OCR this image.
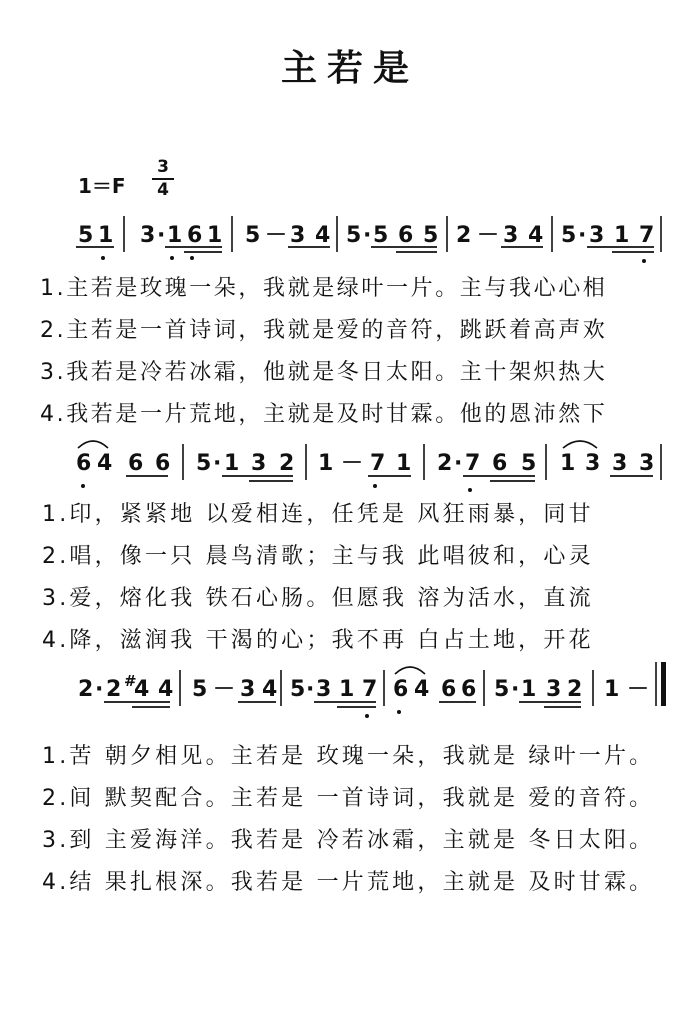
主若是
1＝F
3
4
5 1 3 · 1 6 1 5 － 3 4 5 · 5 6 5 2 － 3 4 5 · 3 1 7
1.主若是玫瑰一朵，我就是绿叶一片。主与我心心相
2.主若是一首诗词，我就是爱的音符，跳跃着高声欢
3.我若是冷若冰霜，他就是冬日太阳。主十架炽热大
4.我若是一片荒地，主就是及时甘霖。他的恩沛然下
6 4 6 6 5 · 1 3 2 1 － 7 1 2 · 7 6 5 1 3 3 3
1.印，紧紧地 以爱相连，任凭是 风狂雨暴，同甘
2.唱，像一只 晨鸟清歌；主与我 此唱彼和，心灵
3.爱，熔化我 铁石心肠。但愿我 溶为活水，直流
4.降，滋润我 干渴的心；我不再 白占土地，开花
2 · 2 #
4 4 5 － 3 4 5 · 3 1 7 6 4 6 6 5 · 1 3 2 1 －
1.苦 朝夕相见。主若是 玫瑰一朵，我就是 绿叶一片。
2.间 默契配合。主若是 一首诗词，我就是 爱的音符。
3.到 主爱海洋。我若是 冷若冰霜，主就是 冬日太阳。
4.结 果扎根深。我若是 一片荒地，主就是 及时甘霖。
